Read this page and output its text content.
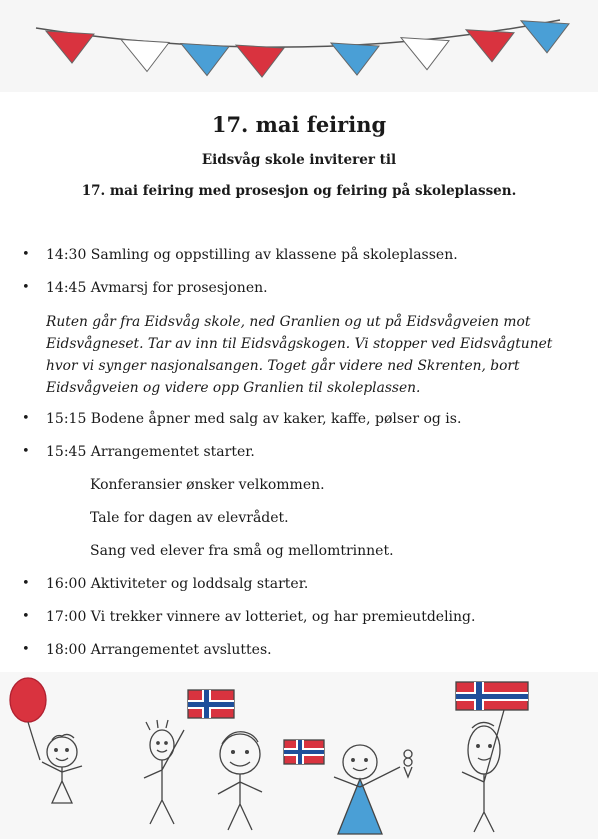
17. mai feiring
Eidsvåg skole inviterer til
17. mai feiring med prosesjon og feiring på skoleplassen.
• 14:30 Samling og oppstilling av klassene på skoleplassen.
• 14:45 Avmarsj for prosesjonen.
Ruten går fra Eidsvåg skole, ned Granlien og ut på Eidsvågveien mot Eidsvågneset. Tar av inn til Eidsvågskogen. Vi stopper ved Eidsvågtunet hvor vi synger nasjonalsangen. Toget går videre ned Skrenten, bort Eidsvågveien og videre opp Granlien til skoleplassen.
• 15:15 Bodene åpner med salg av kaker, kaffe, pølser og is.
• 15:45 Arrangementet starter.
Konferansier ønsker velkommen.
Tale for dagen av elevrådet.
Sang ved elever fra små og mellomtrinnet.
• 16:00 Aktiviteter og loddsalg starter.
• 17:00 Vi trekker vinnere av lotteriet, og har premieutdeling.
• 18:00 Arrangementet avsluttes.
